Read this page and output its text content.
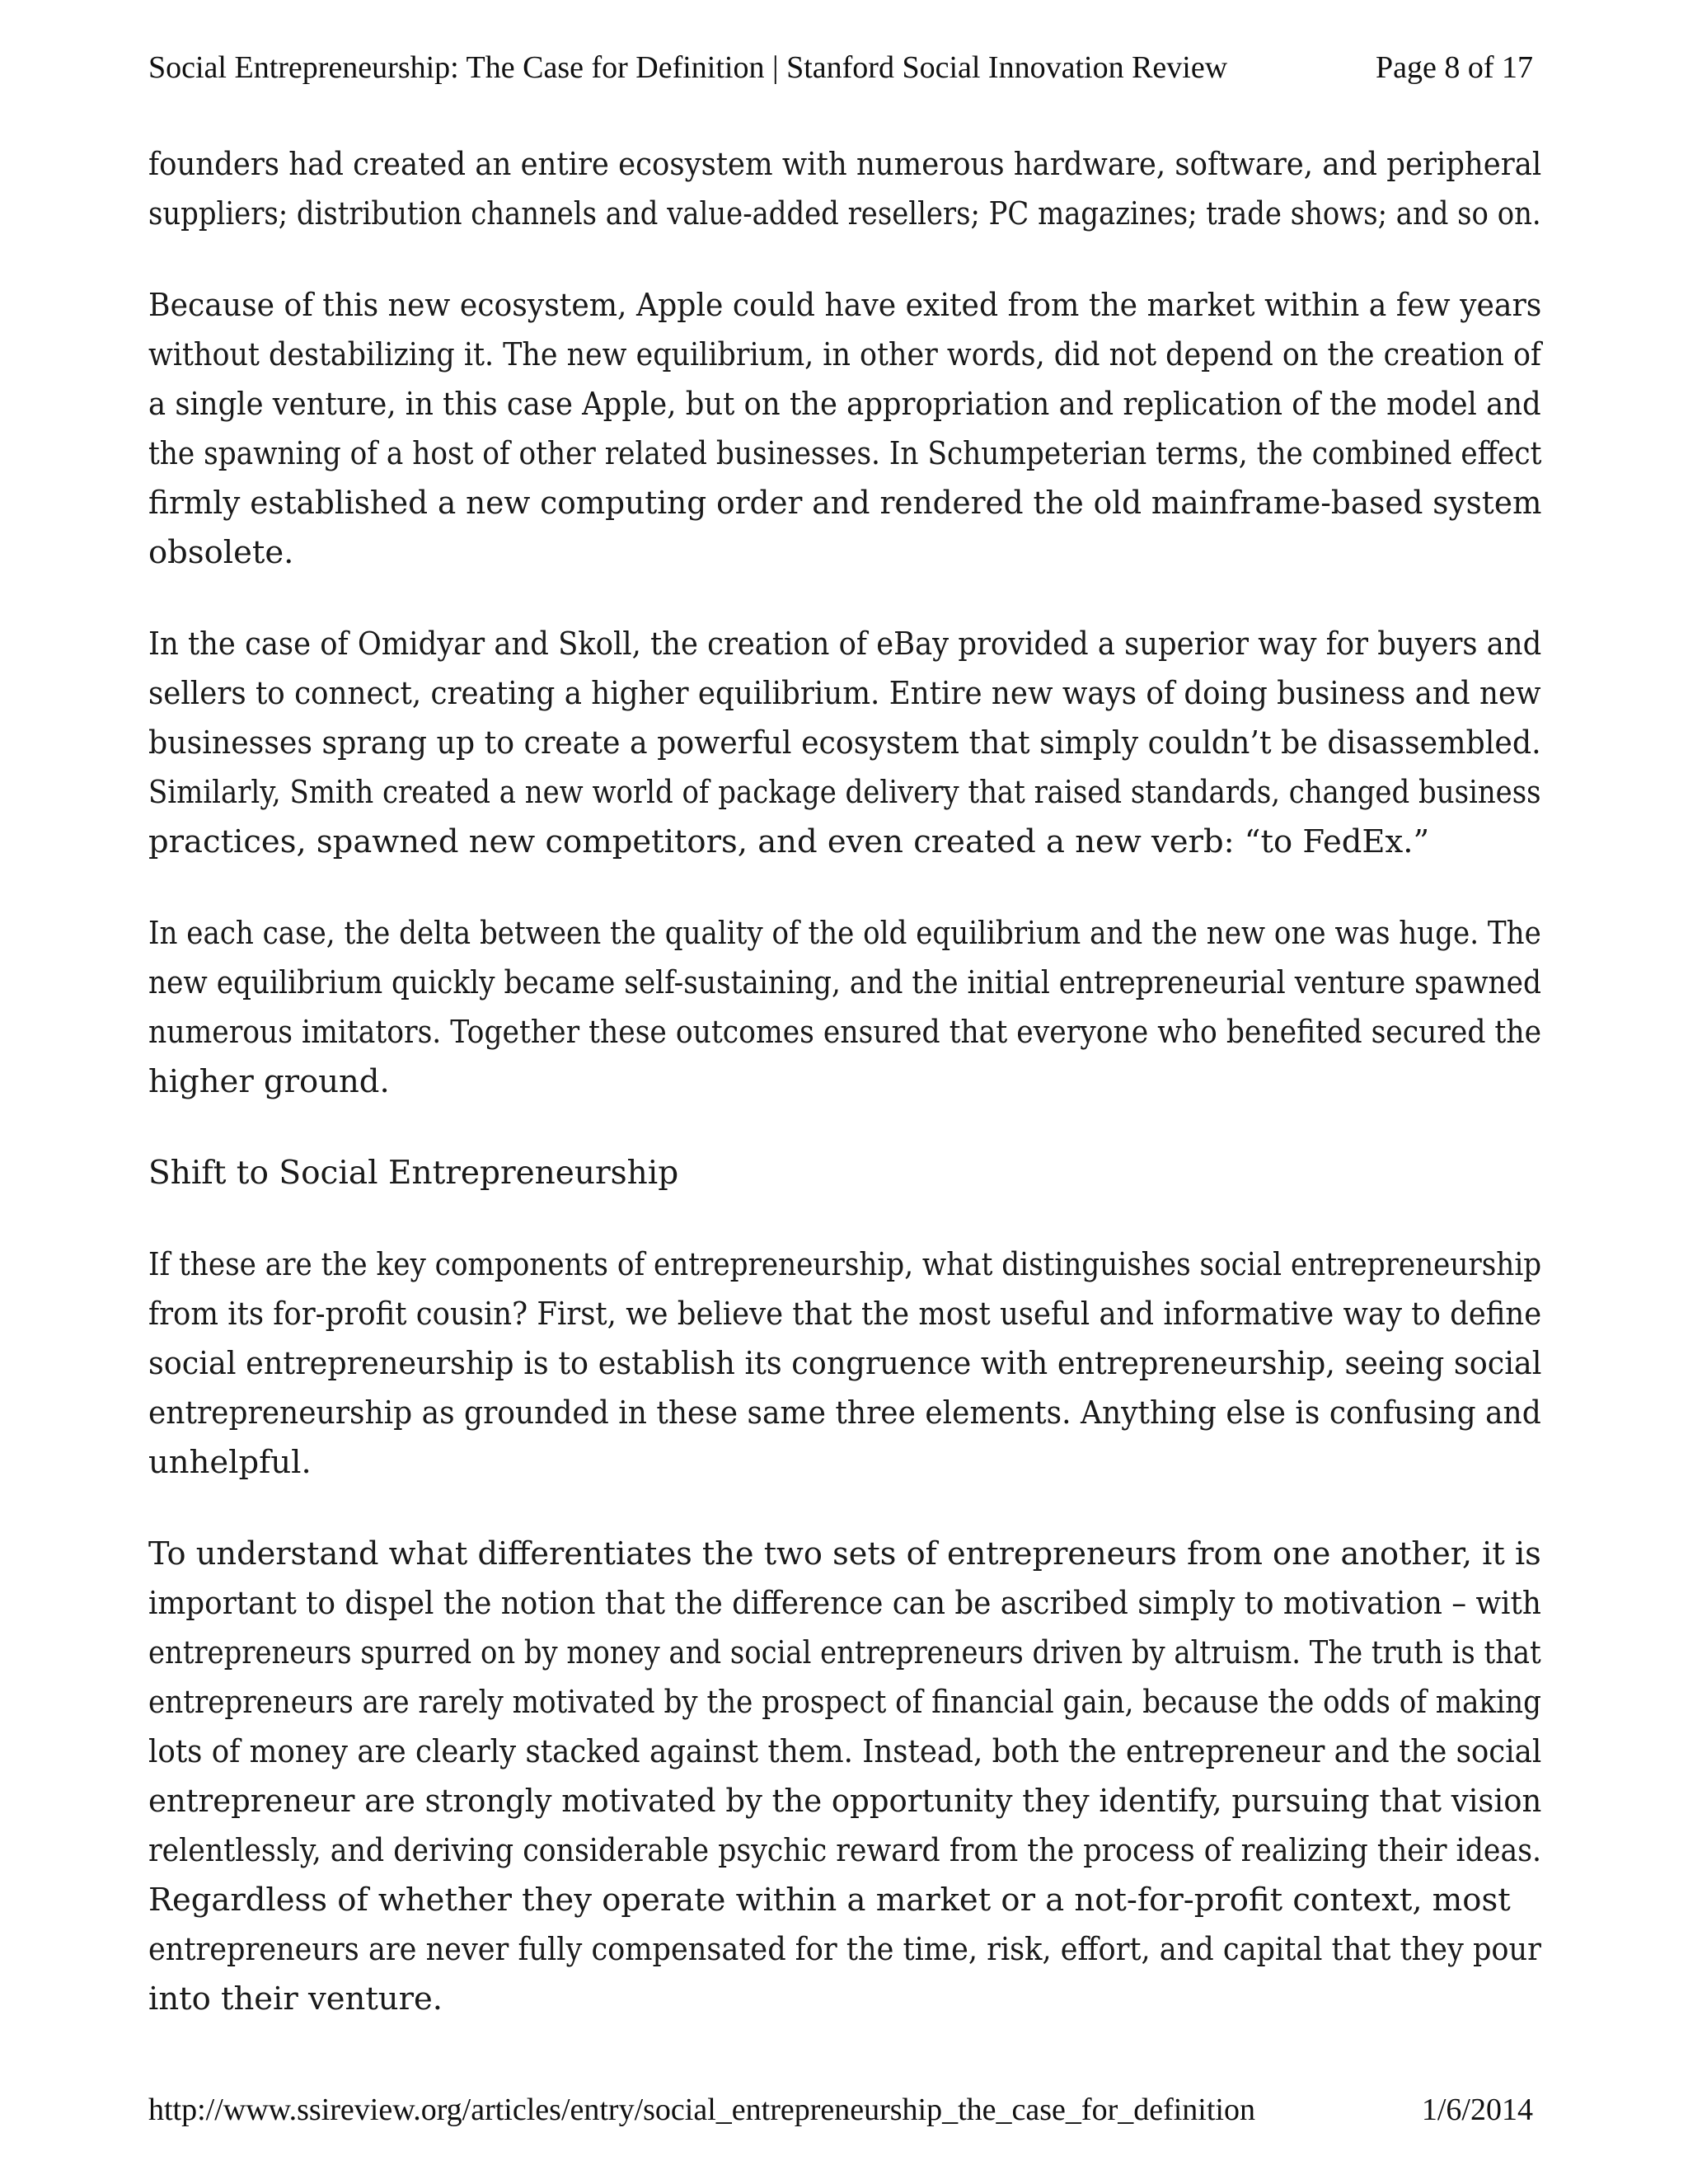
Social Entrepreneurship: The Case for Definition | Stanford Social Innovation Review	Page 8 of 17

founders had created an entire ecosystem with numerous hardware, software, and peripheral
suppliers; distribution channels and value-added resellers; PC magazines; trade shows; and so on.

Because of this new ecosystem, Apple could have exited from the market within a few years
without destabilizing it. The new equilibrium, in other words, did not depend on the creation of
a single venture, in this case Apple, but on the appropriation and replication of the model and
the spawning of a host of other related businesses. In Schumpeterian terms, the combined effect
firmly established a new computing order and rendered the old mainframe-based system
obsolete.

In the case of Omidyar and Skoll, the creation of eBay provided a superior way for buyers and
sellers to connect, creating a higher equilibrium. Entire new ways of doing business and new
businesses sprang up to create a powerful ecosystem that simply couldn’t be disassembled.
Similarly, Smith created a new world of package delivery that raised standards, changed business
practices, spawned new competitors, and even created a new verb: “to FedEx.”

In each case, the delta between the quality of the old equilibrium and the new one was huge. The
new equilibrium quickly became self-sustaining, and the initial entrepreneurial venture spawned
numerous imitators. Together these outcomes ensured that everyone who benefited secured the
higher ground.

Shift to Social Entrepreneurship

If these are the key components of entrepreneurship, what distinguishes social entrepreneurship
from its for-profit cousin? First, we believe that the most useful and informative way to define
social entrepreneurship is to establish its congruence with entrepreneurship, seeing social
entrepreneurship as grounded in these same three elements. Anything else is confusing and
unhelpful.

To understand what differentiates the two sets of entrepreneurs from one another, it is
important to dispel the notion that the difference can be ascribed simply to motivation – with
entrepreneurs spurred on by money and social entrepreneurs driven by altruism. The truth is that
entrepreneurs are rarely motivated by the prospect of financial gain, because the odds of making
lots of money are clearly stacked against them. Instead, both the entrepreneur and the social
entrepreneur are strongly motivated by the opportunity they identify, pursuing that vision
relentlessly, and deriving considerable psychic reward from the process of realizing their ideas.
Regardless of whether they operate within a market or a not-for-profit context, most
entrepreneurs are never fully compensated for the time, risk, effort, and capital that they pour
into their venture.

http://www.ssireview.org/articles/entry/social_entrepreneurship_the_case_for_definition	1/6/2014
